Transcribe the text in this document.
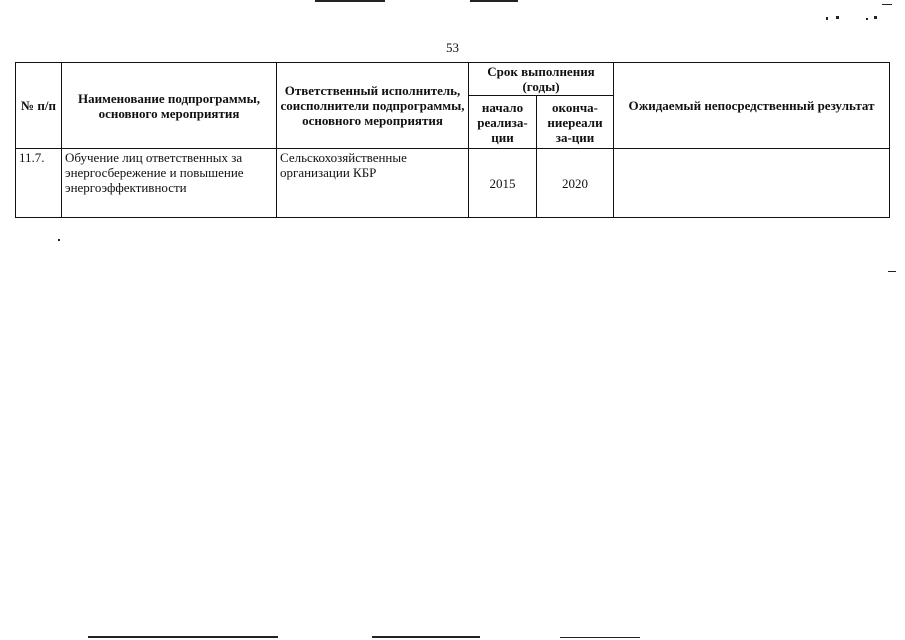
53
№ п/п	Наименование подпрограммы, основного мероприятия	Ответственный исполнитель, соисполнители подпрограммы, основного мероприятия	Срок выполнения (годы)		Ожидаемый непосредственный результат
			начало реализа-ции	оконча-ниереали за-ции	
11.7.	Обучение лиц ответственных за энергосбережение и повышение энергоэффективности	Сельскохозяйственные организации КБР	2015	2020	
